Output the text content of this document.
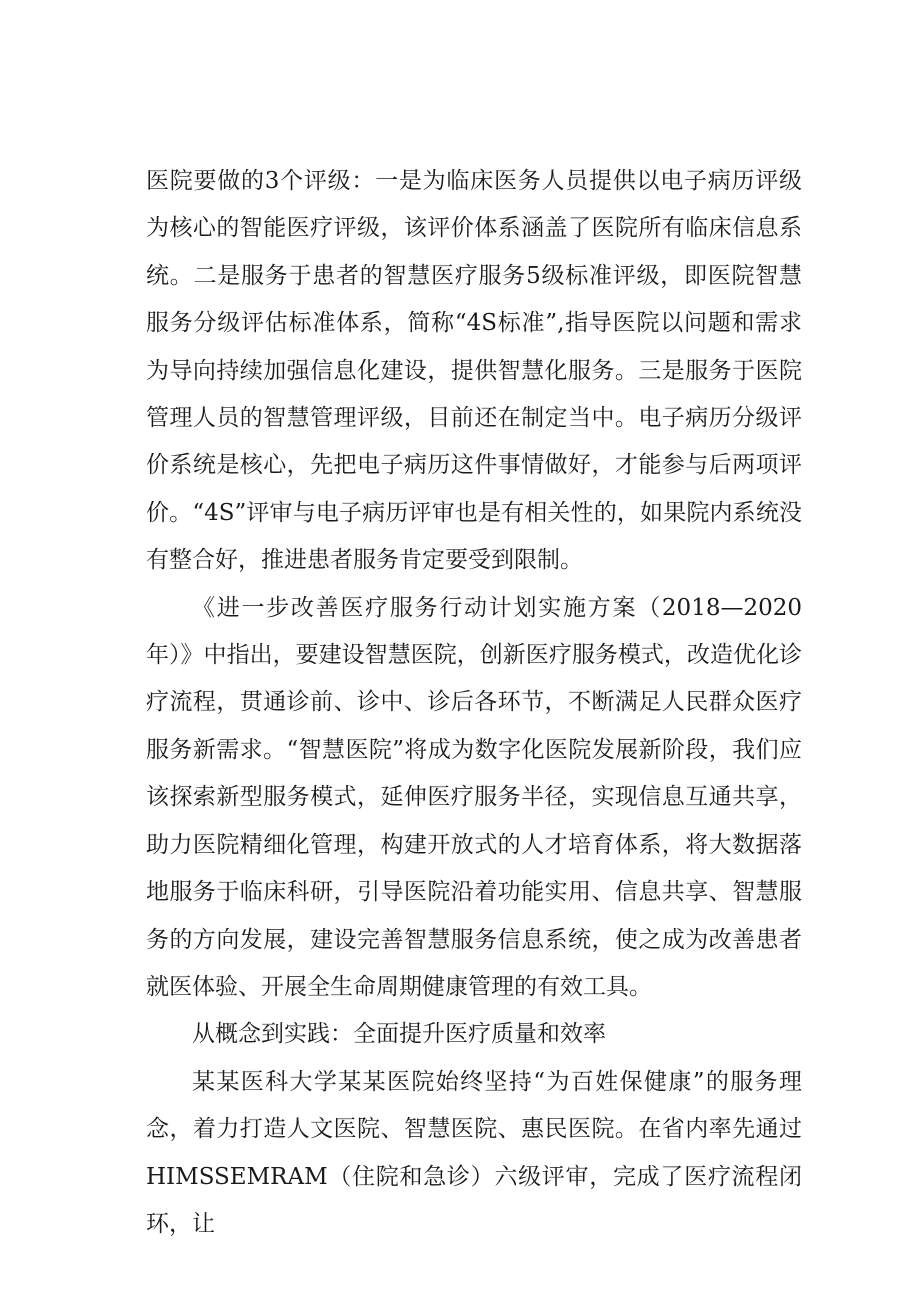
医院要做的3个评级：一是为临床医务人员提供以电子病历评级为核心的智能医疗评级，该评价体系涵盖了医院所有临床信息系统。二是服务于患者的智慧医疗服务5级标准评级，即医院智慧服务分级评估标准体系，简称“4S标准”,指导医院以问题和需求为导向持续加强信息化建设，提供智慧化服务。三是服务于医院管理人员的智慧管理评级，目前还在制定当中。电子病历分级评价系统是核心，先把电子病历这件事情做好，才能参与后两项评价。“4S”评审与电子病历评审也是有相关性的，如果院内系统没有整合好，推进患者服务肯定要受到限制。

《进一步改善医疗服务行动计划实施方案（2018—2020年）》中指出，要建设智慧医院，创新医疗服务模式，改造优化诊疗流程，贯通诊前、诊中、诊后各环节，不断满足人民群众医疗服务新需求。“智慧医院”将成为数字化医院发展新阶段，我们应该探索新型服务模式，延伸医疗服务半径，实现信息互通共享，助力医院精细化管理，构建开放式的人才培育体系，将大数据落地服务于临床科研，引导医院沿着功能实用、信息共享、智慧服务的方向发展，建设完善智慧服务信息系统，使之成为改善患者就医体验、开展全生命周期健康管理的有效工具。

从概念到实践：全面提升医疗质量和效率

某某医科大学某某医院始终坚持“为百姓保健康”的服务理念，着力打造人文医院、智慧医院、惠民医院。在省内率先通过HIMSSEMRAM（住院和急诊）六级评审，完成了医疗流程闭环，让
